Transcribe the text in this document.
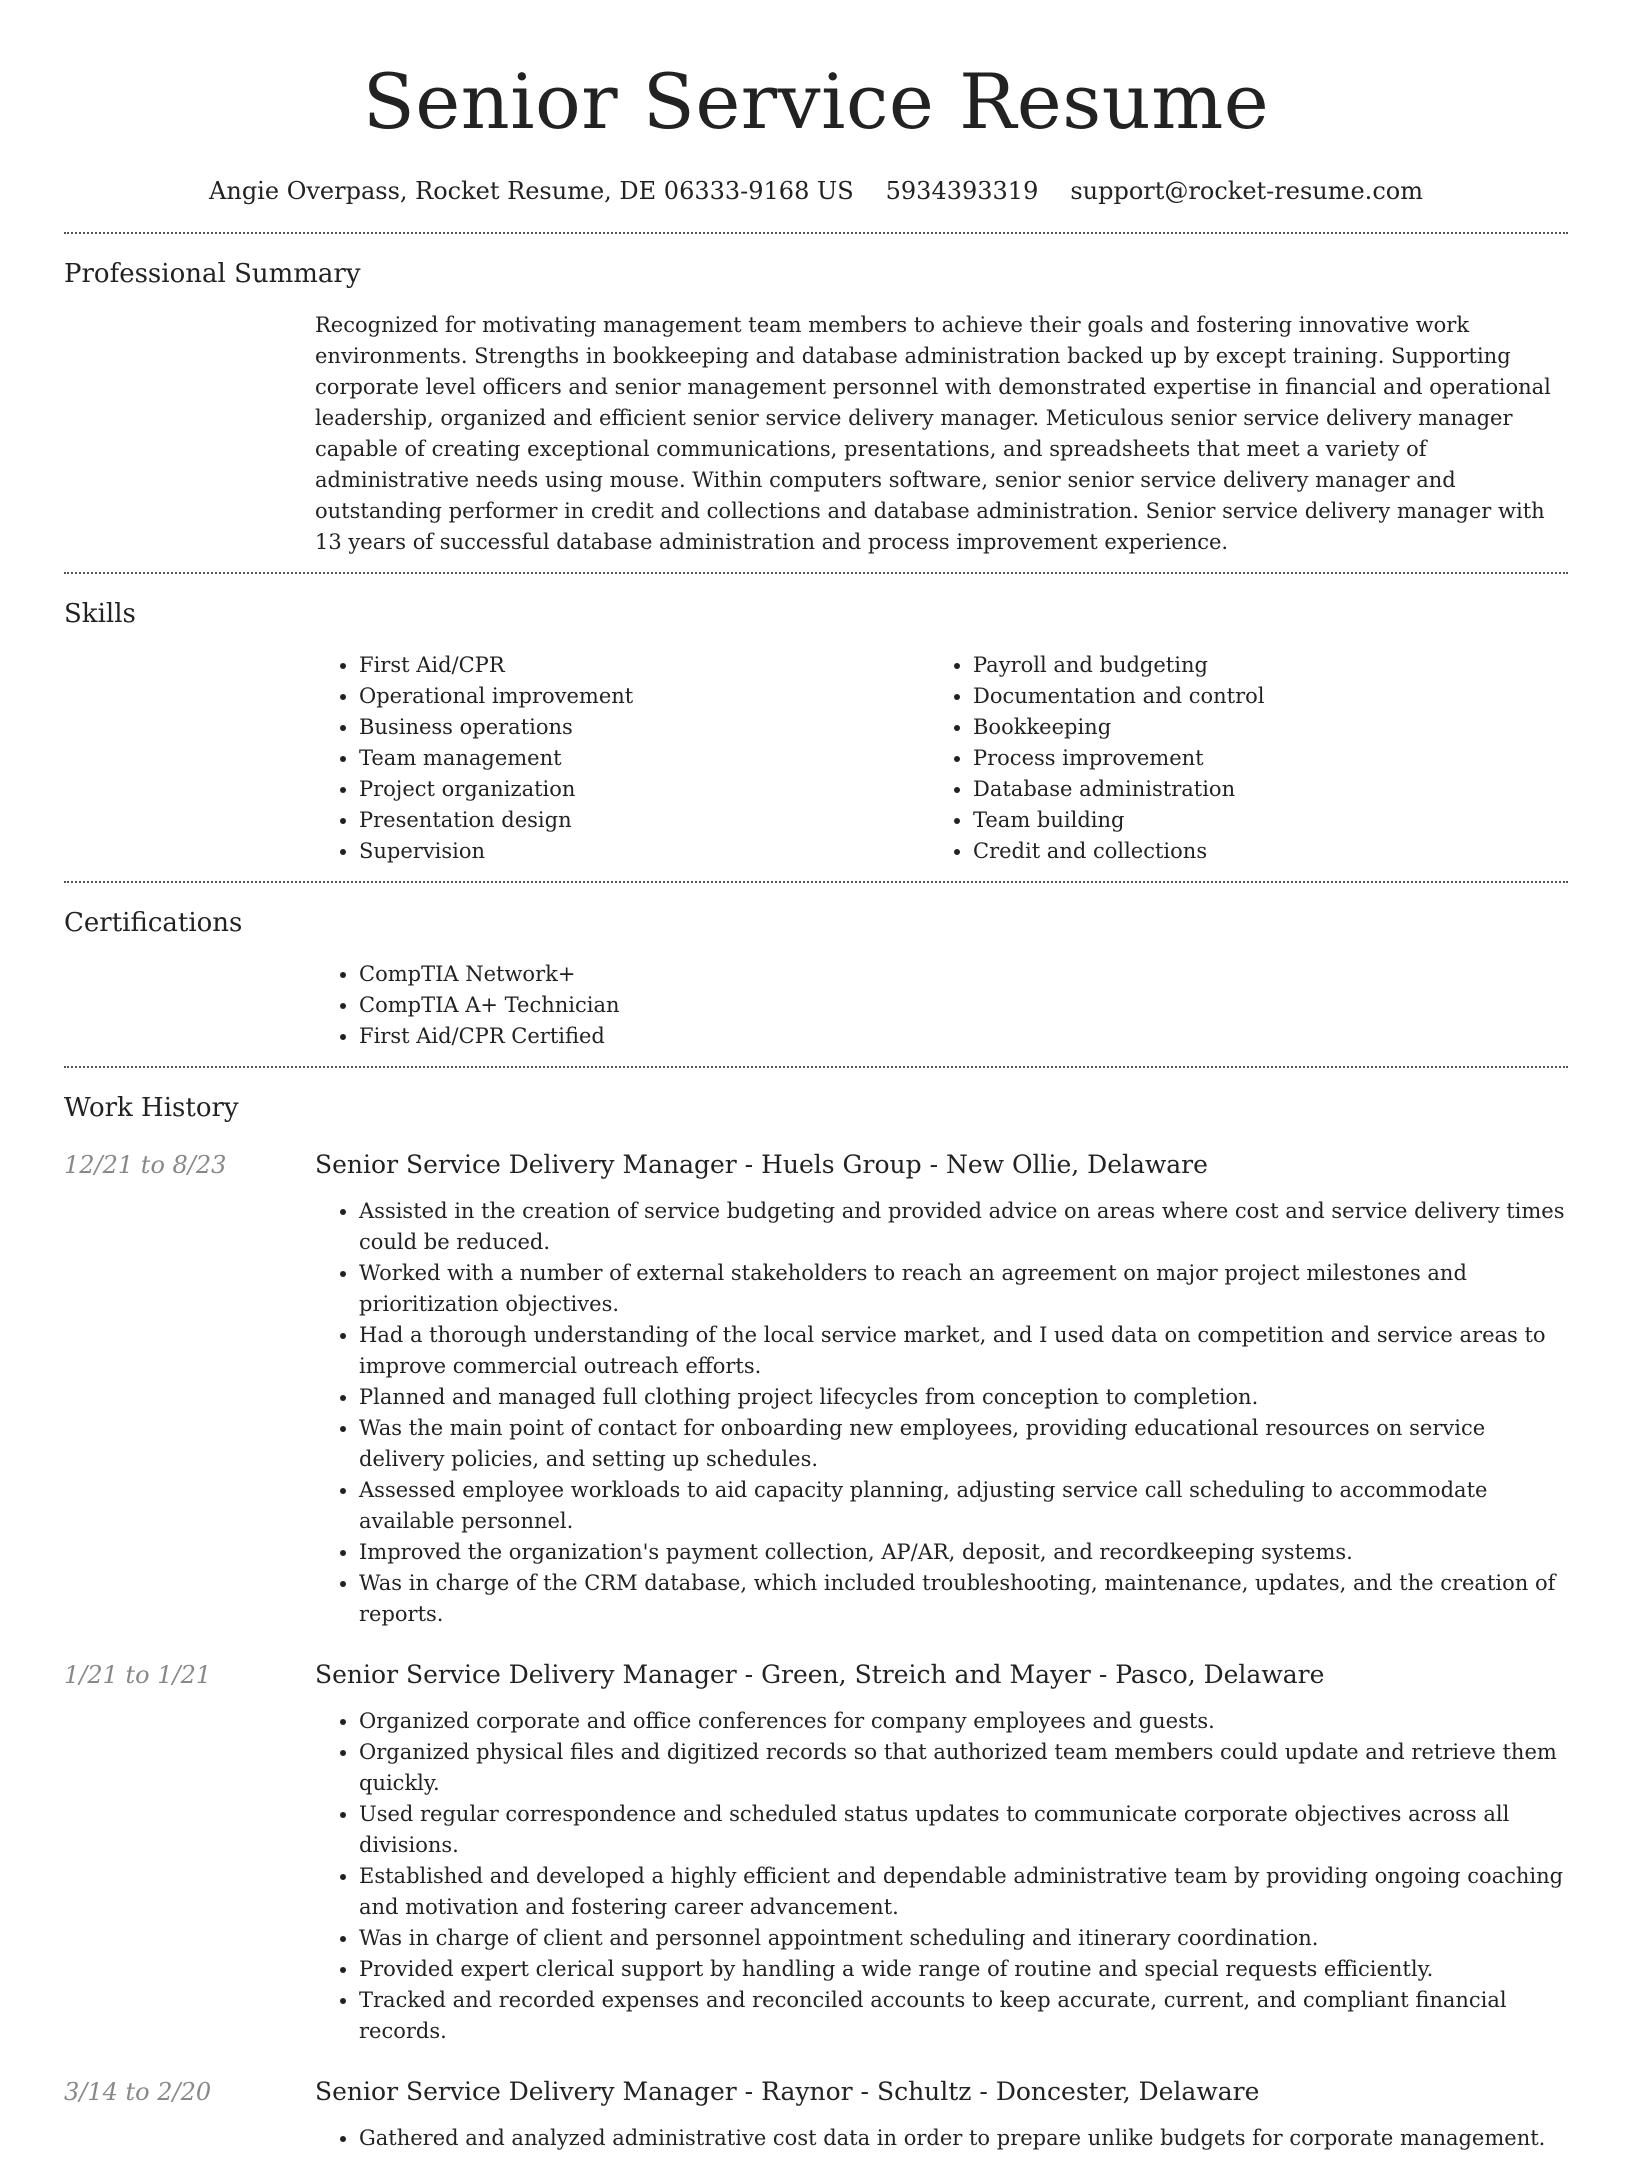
Senior Service Resume
Angie Overpass, Rocket Resume, DE 06333-9168 US 5934393319 support@rocket-resume.com
Professional Summary

Recognized for motivating management team members to achieve their goals and fostering innovative work environments. Strengths in bookkeeping and database administration backed up by except training. Supporting corporate level officers and senior management personnel with demonstrated expertise in financial and operational leadership, organized and efficient senior service delivery manager. Meticulous senior service delivery manager capable of creating exceptional communications, presentations, and spreadsheets that meet a variety of administrative needs using mouse. Within computers software, senior senior service delivery manager and outstanding performer in credit and collections and database administration. Senior service delivery manager with 13 years of successful database administration and process improvement experience.

Skills
• First Aid/CPR
• Operational improvement
• Business operations
• Team management
• Project organization
• Presentation design
• Supervision
• Payroll and budgeting
• Documentation and control
• Bookkeeping
• Process improvement
• Database administration
• Team building
• Credit and collections
Certifications
• CompTIA Network+
• CompTIA A+ Technician
• First Aid/CPR Certified
Work History
12/21 to 8/23	Senior Service Delivery Manager - Huels Group - New Ollie, Delaware
• Assisted in the creation of service budgeting and provided advice on areas where cost and service delivery times could be reduced.
• Worked with a number of external stakeholders to reach an agreement on major project milestones and prioritization objectives.
• Had a thorough understanding of the local service market, and I used data on competition and service areas to improve commercial outreach efforts.
• Planned and managed full clothing project lifecycles from conception to completion.
• Was the main point of contact for onboarding new employees, providing educational resources on service delivery policies, and setting up schedules.
• Assessed employee workloads to aid capacity planning, adjusting service call scheduling to accommodate available personnel.
• Improved the organization's payment collection, AP/AR, deposit, and recordkeeping systems.
• Was in charge of the CRM database, which included troubleshooting, maintenance, updates, and the creation of reports.
1/21 to 1/21	Senior Service Delivery Manager - Green, Streich and Mayer - Pasco, Delaware
• Organized corporate and office conferences for company employees and guests.
• Organized physical files and digitized records so that authorized team members could update and retrieve them quickly.
• Used regular correspondence and scheduled status updates to communicate corporate objectives across all divisions.
• Established and developed a highly efficient and dependable administrative team by providing ongoing coaching and motivation and fostering career advancement.
• Was in charge of client and personnel appointment scheduling and itinerary coordination.
• Provided expert clerical support by handling a wide range of routine and special requests efficiently.
• Tracked and recorded expenses and reconciled accounts to keep accurate, current, and compliant financial records.
3/14 to 2/20	Senior Service Delivery Manager - Raynor - Schultz - Doncester, Delaware
• Gathered and analyzed administrative cost data in order to prepare unlike budgets for corporate management.
